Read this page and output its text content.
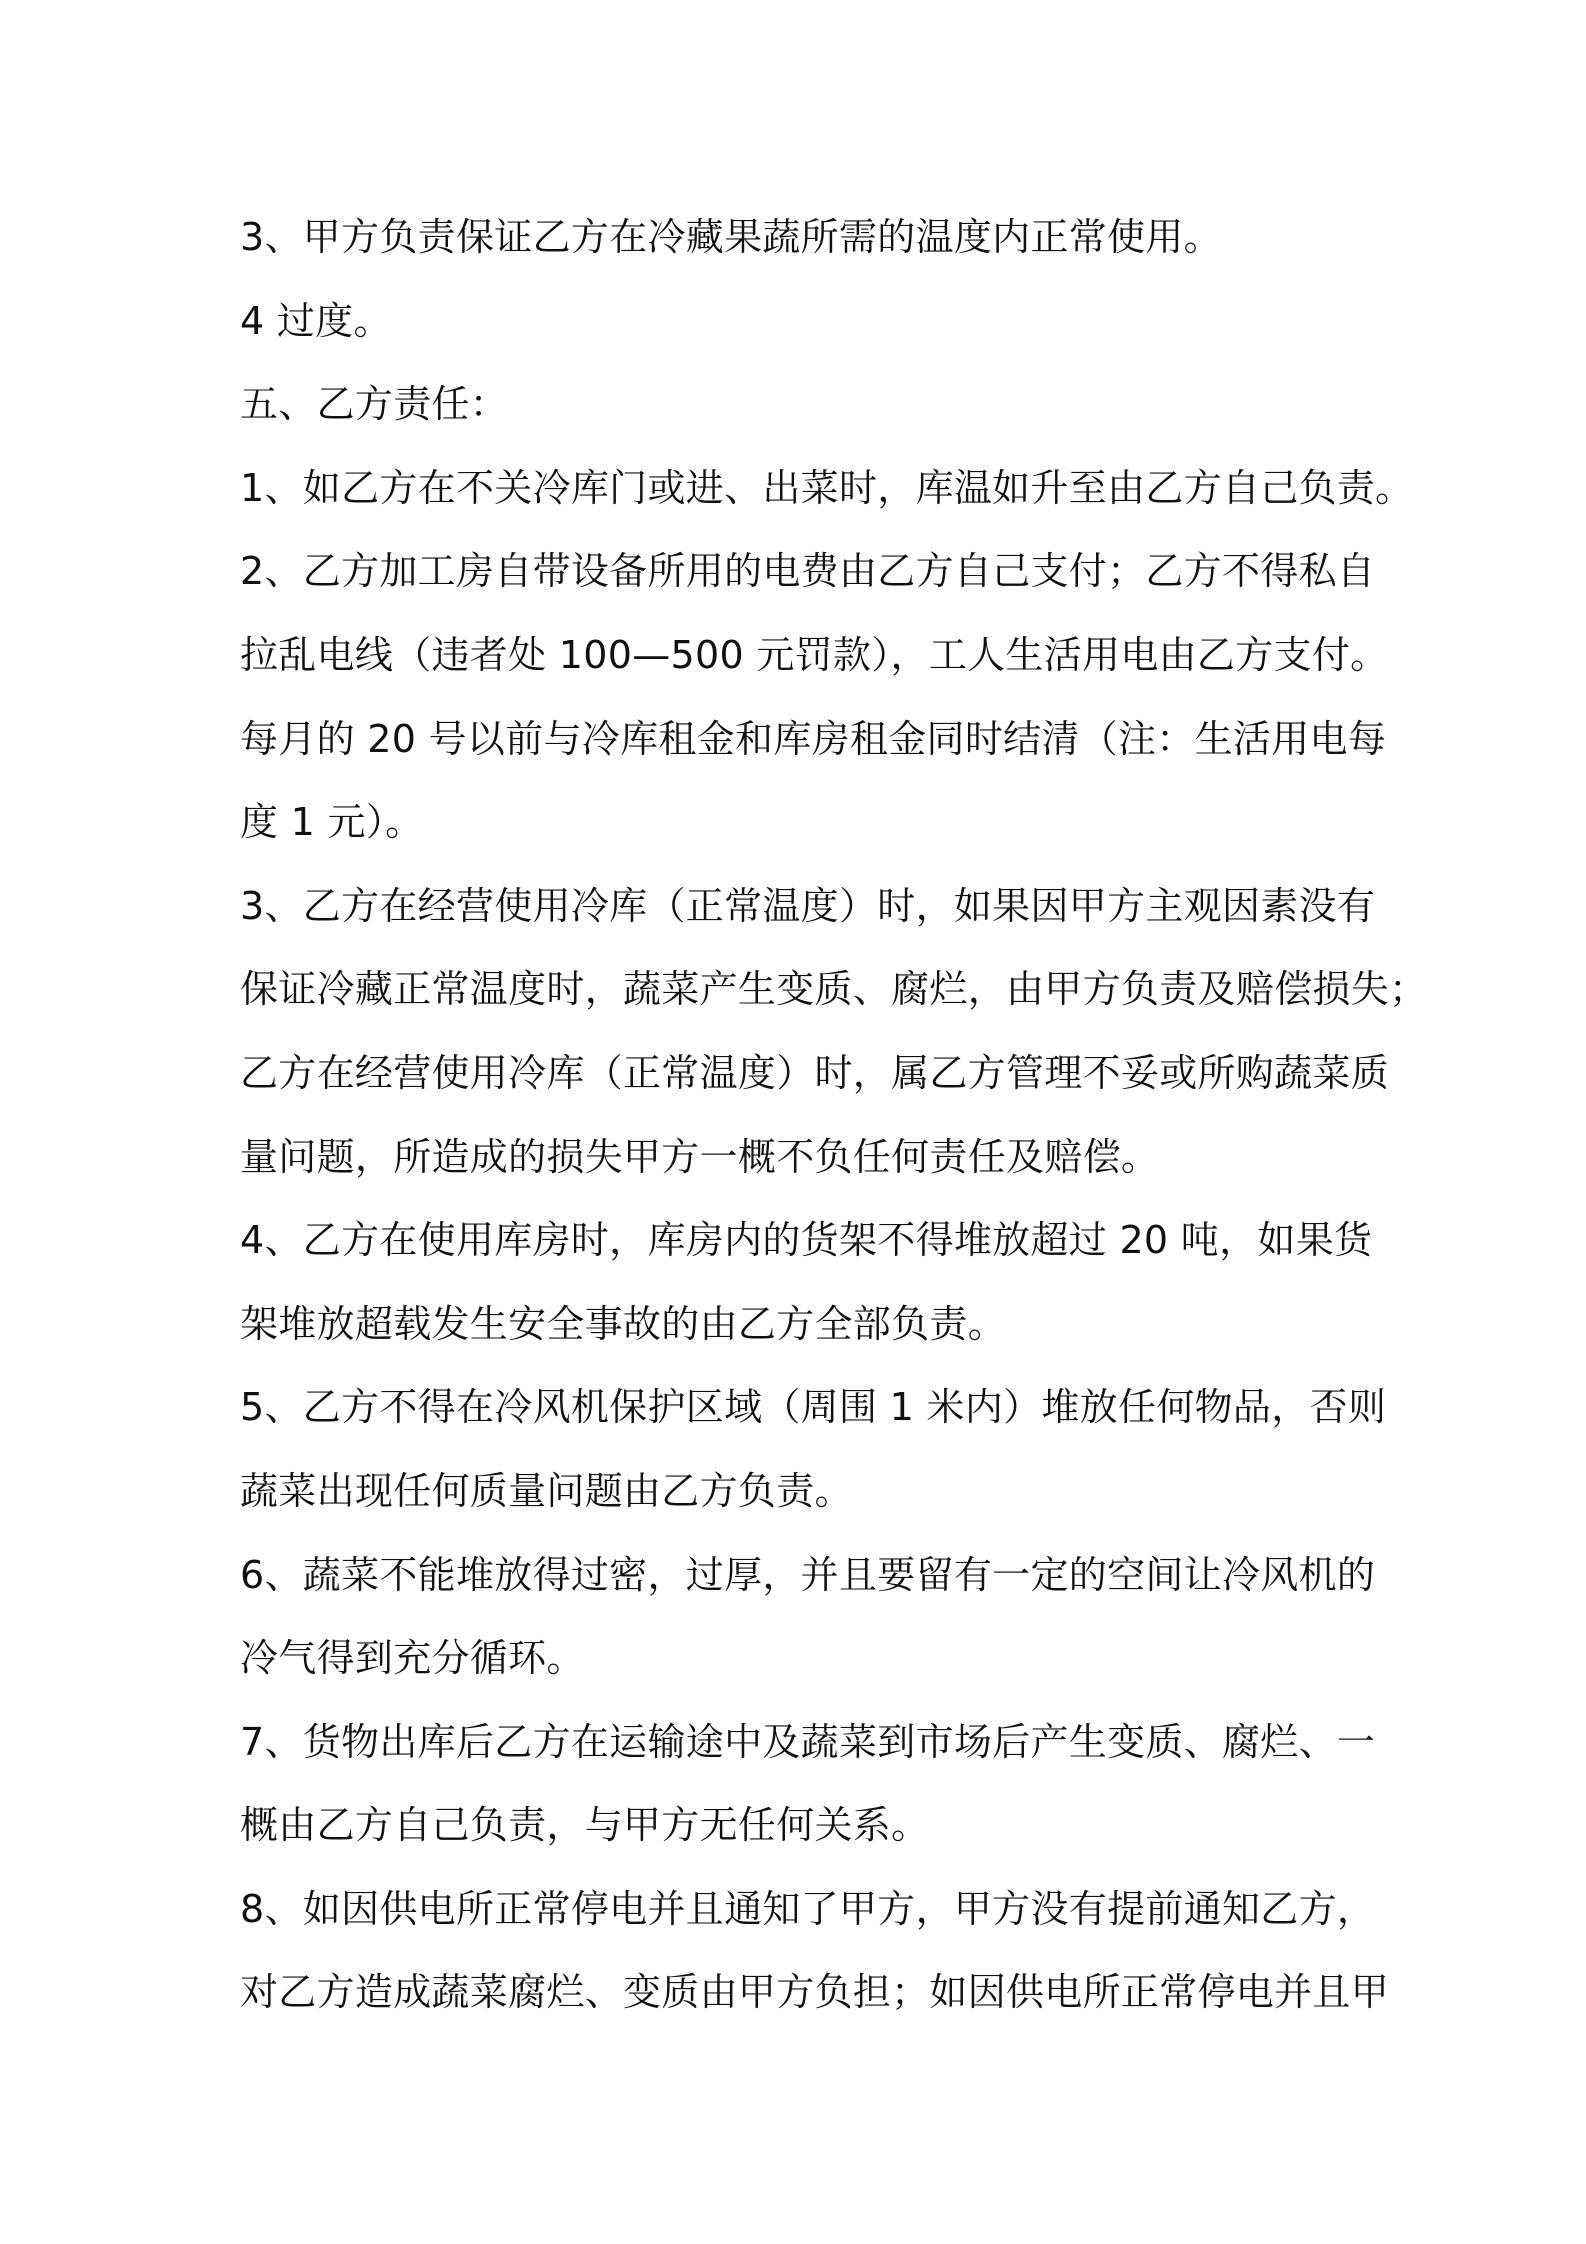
3、甲方负责保证乙方在冷藏果蔬所需的温度内正常使用。
4 过度。
五、乙方责任：
1、如乙方在不关冷库门或进、出菜时，库温如升至由乙方自己负责。
2、乙方加工房自带设备所用的电费由乙方自己支付；乙方不得私自
拉乱电线（违者处 100—500 元罚款），工人生活用电由乙方支付。
每月的 20 号以前与冷库租金和库房租金同时结清（注：生活用电每
度 1 元）。
3、乙方在经营使用冷库（正常温度）时，如果因甲方主观因素没有
保证冷藏正常温度时，蔬菜产生变质、腐烂，由甲方负责及赔偿损失；
乙方在经营使用冷库（正常温度）时，属乙方管理不妥或所购蔬菜质
量问题，所造成的损失甲方一概不负任何责任及赔偿。
4、乙方在使用库房时，库房内的货架不得堆放超过 20 吨，如果货
架堆放超载发生安全事故的由乙方全部负责。
5、乙方不得在冷风机保护区域（周围 1 米内）堆放任何物品，否则
蔬菜出现任何质量问题由乙方负责。
6、蔬菜不能堆放得过密，过厚，并且要留有一定的空间让冷风机的
冷气得到充分循环。
7、货物出库后乙方在运输途中及蔬菜到市场后产生变质、腐烂、一
概由乙方自己负责，与甲方无任何关系。
8、如因供电所正常停电并且通知了甲方，甲方没有提前通知乙方，
对乙方造成蔬菜腐烂、变质由甲方负担；如因供电所正常停电并且甲
